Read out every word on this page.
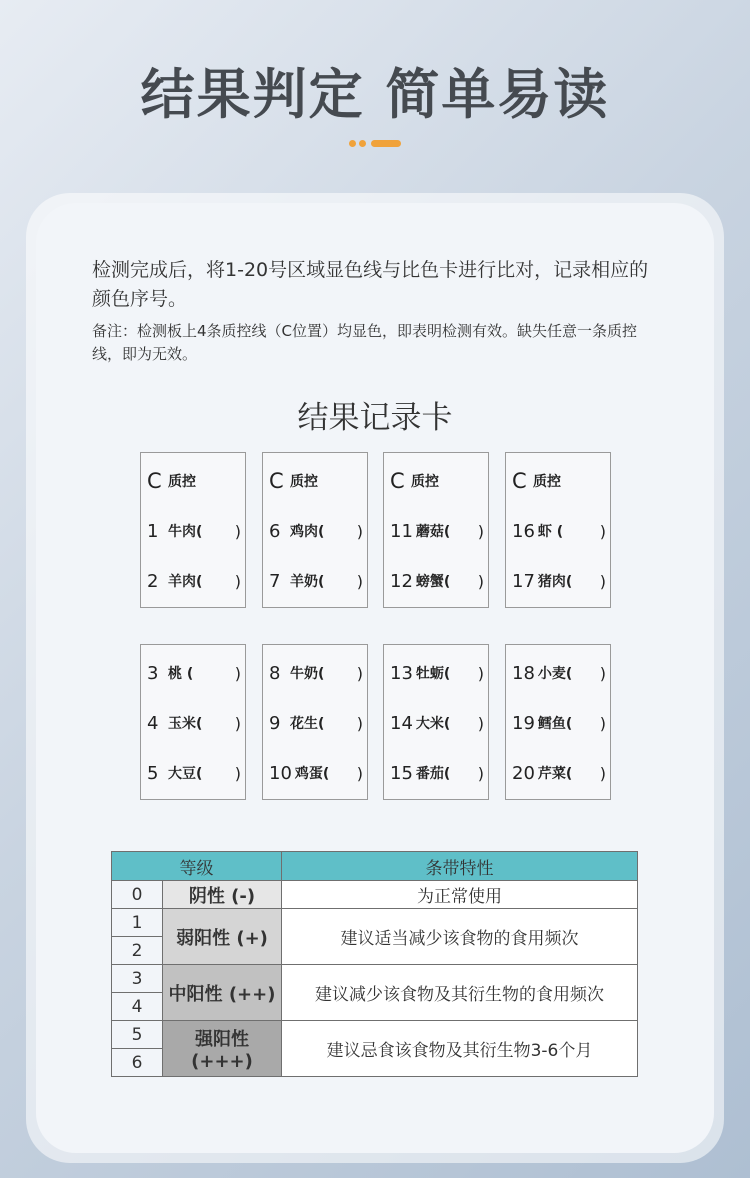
结果判定 简单易读
检测完成后，将1-20号区域显色线与比色卡进行比对，记录相应的颜色序号。
备注：检测板上4条质控线（C位置）均显色，即表明检测有效。缺失任意一条质控线，即为无效。
结果记录卡
C 质控
1 牛肉( )
2 羊肉( )
C 质控
6 鸡肉( )
7 羊奶( )
C 质控
11 蘑菇( )
12 螃蟹( )
C 质控
16 虾 ( )
17 猪肉( )
3 桃 (	)
4 玉米( )
5 大豆( )
8 牛奶( )
9 花生( )
10 鸡蛋( )
13 牡蛎( )
14 大米( )
15 番茄( )
18 小麦( )
19 鳕鱼( )
20 芹菜( )
等级		条带特性
0	阴性 (-)	为正常使用
1	弱阳性 (+)	建议适当减少该食物的食用频次
2		
3	中阳性 (++)	建议减少该食物及其衍生物的食用频次
4		
5	强阳性 (+++)	建议忌食该食物及其衍生物3-6个月
6		
